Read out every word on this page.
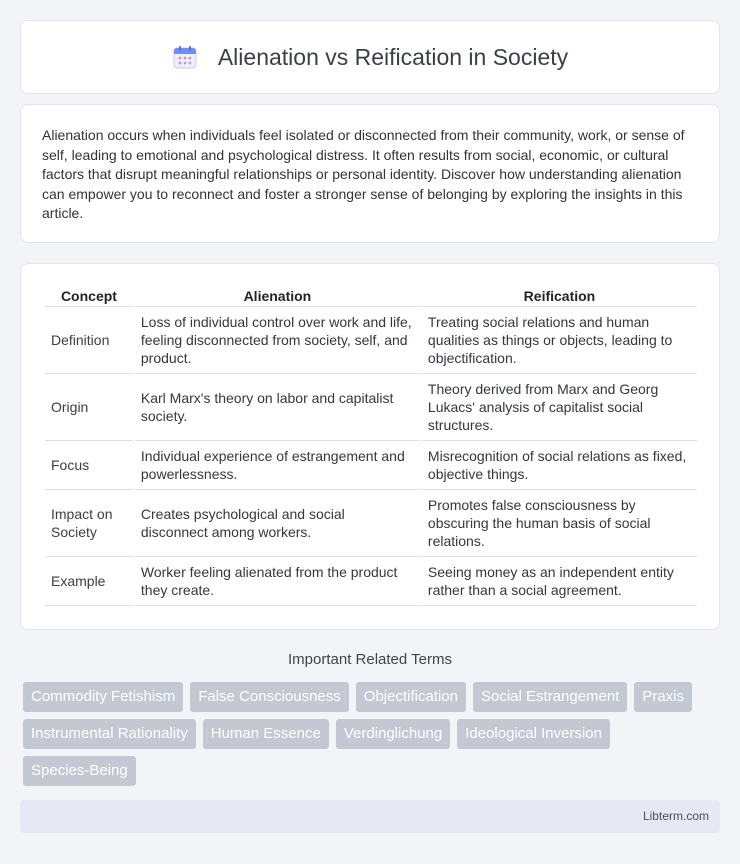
Alienation vs Reification in Society

Alienation occurs when individuals feel isolated or disconnected from their community, work, or sense of self, leading to emotional and psychological distress. It often results from social, economic, or cultural factors that disrupt meaningful relationships or personal identity. Discover how understanding alienation can empower you to reconnect and foster a stronger sense of belonging by exploring the insights in this article.

Concept	Alienation	Reification
Definition	Loss of individual control over work and life, feeling disconnected from society, self, and product.	Treating social relations and human qualities as things or objects, leading to objectification.
Origin	Karl Marx's theory on labor and capitalist society.	Theory derived from Marx and Georg Lukacs' analysis of capitalist social structures.
Focus	Individual experience of estrangement and powerlessness.	Misrecognition of social relations as fixed, objective things.
Impact on Society	Creates psychological and social disconnect among workers.	Promotes false consciousness by obscuring the human basis of social relations.
Example	Worker feeling alienated from the product they create.	Seeing money as an independent entity rather than a social agreement.
Important Related Terms
Commodity Fetishism	False Consciousness	Objectification	Social Estrangement	Praxis
Instrumental Rationality	Human Essence	Verdinglichung	Ideological Inversion
Species-Being
Libterm.com
